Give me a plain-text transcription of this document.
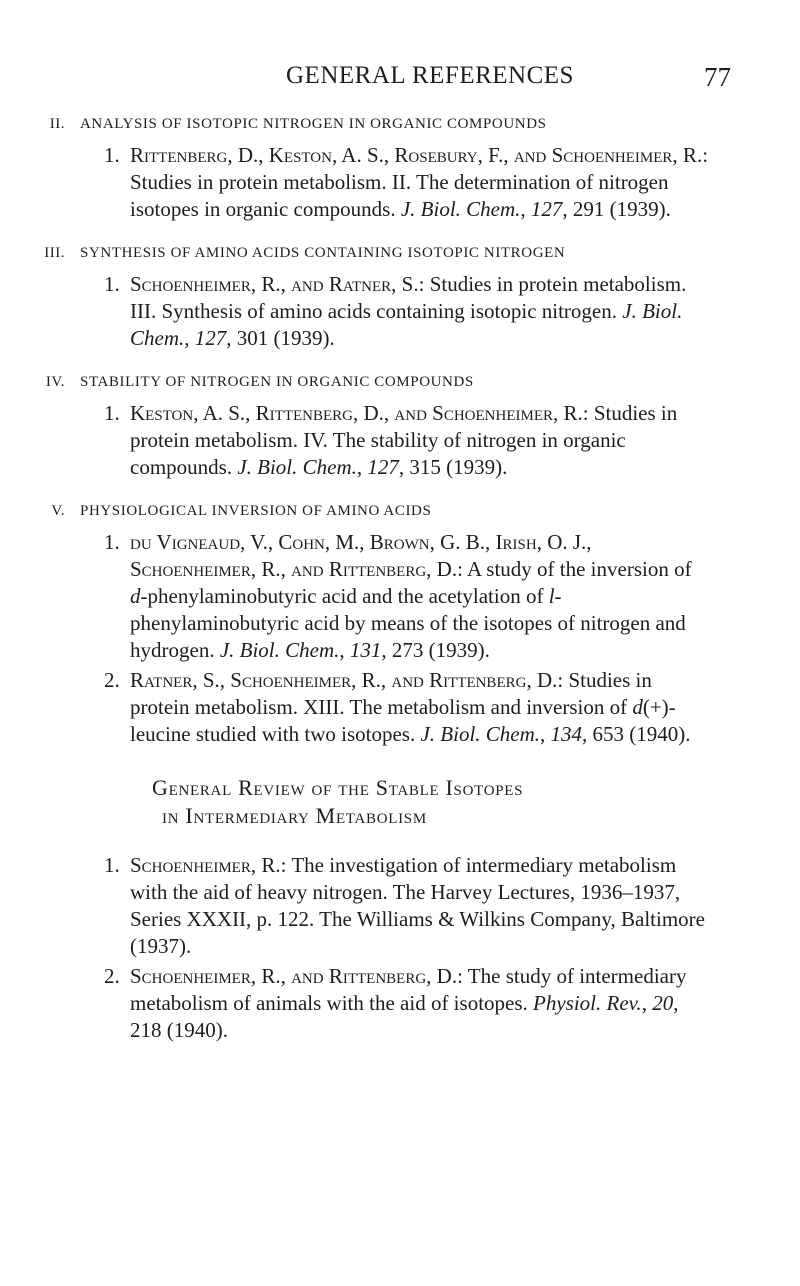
GENERAL REFERENCES	77
II. ANALYSIS OF ISOTOPIC NITROGEN IN ORGANIC COMPOUNDS
1. Rittenberg, D., Keston, A. S., Rosebury, F., and Schoenheimer, R.: Studies in protein metabolism. II. The determination of nitrogen isotopes in organic compounds. J. Biol. Chem., 127, 291 (1939).
III. SYNTHESIS OF AMINO ACIDS CONTAINING ISOTOPIC NITROGEN
1. Schoenheimer, R., and Ratner, S.: Studies in protein metabolism. III. Synthesis of amino acids containing isotopic nitrogen. J. Biol. Chem., 127, 301 (1939).
IV. STABILITY OF NITROGEN IN ORGANIC COMPOUNDS
1. Keston, A. S., Rittenberg, D., and Schoenheimer, R.: Studies in protein metabolism. IV. The stability of nitrogen in organic compounds. J. Biol. Chem., 127, 315 (1939).
V. PHYSIOLOGICAL INVERSION OF AMINO ACIDS
1. du Vigneaud, V., Cohn, M., Brown, G. B., Irish, O. J., Schoenheimer, R., and Rittenberg, D.: A study of the inversion of d-phenylaminobutyric acid and the acetylation of l-phenylaminobutyric acid by means of the isotopes of nitrogen and hydrogen. J. Biol. Chem., 131, 273 (1939).
2. Ratner, S., Schoenheimer, R., and Rittenberg, D.: Studies in protein metabolism. XIII. The metabolism and inversion of d(+)-leucine studied with two isotopes. J. Biol. Chem., 134, 653 (1940).
General Review of the Stable Isotopes
in Intermediary Metabolism
1. Schoenheimer, R.: The investigation of intermediary metabolism with the aid of heavy nitrogen. The Harvey Lectures, 1936–1937, Series XXXII, p. 122. The Williams & Wilkins Company, Baltimore (1937).
2. Schoenheimer, R., and Rittenberg, D.: The study of intermediary metabolism of animals with the aid of isotopes. Physiol. Rev., 20, 218 (1940).
